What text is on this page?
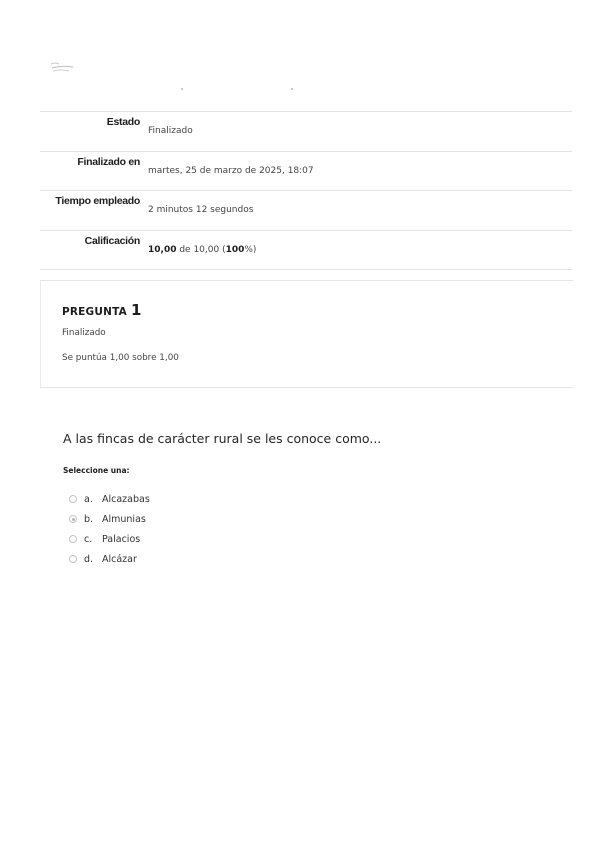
Estado
Finalizado
Finalizado en
martes, 25 de marzo de 2025, 18:07
Tiempo empleado
2 minutos 12 segundos
Calificación
10,00 de 10,00 (100%)
PREGUNTA 1
Finalizado
Se puntúa 1,00 sobre 1,00
A las fincas de carácter rural se les conoce como...
Seleccione una:
a. Alcazabas
b. Almunias
c.	Palacios
d. Alcázar
